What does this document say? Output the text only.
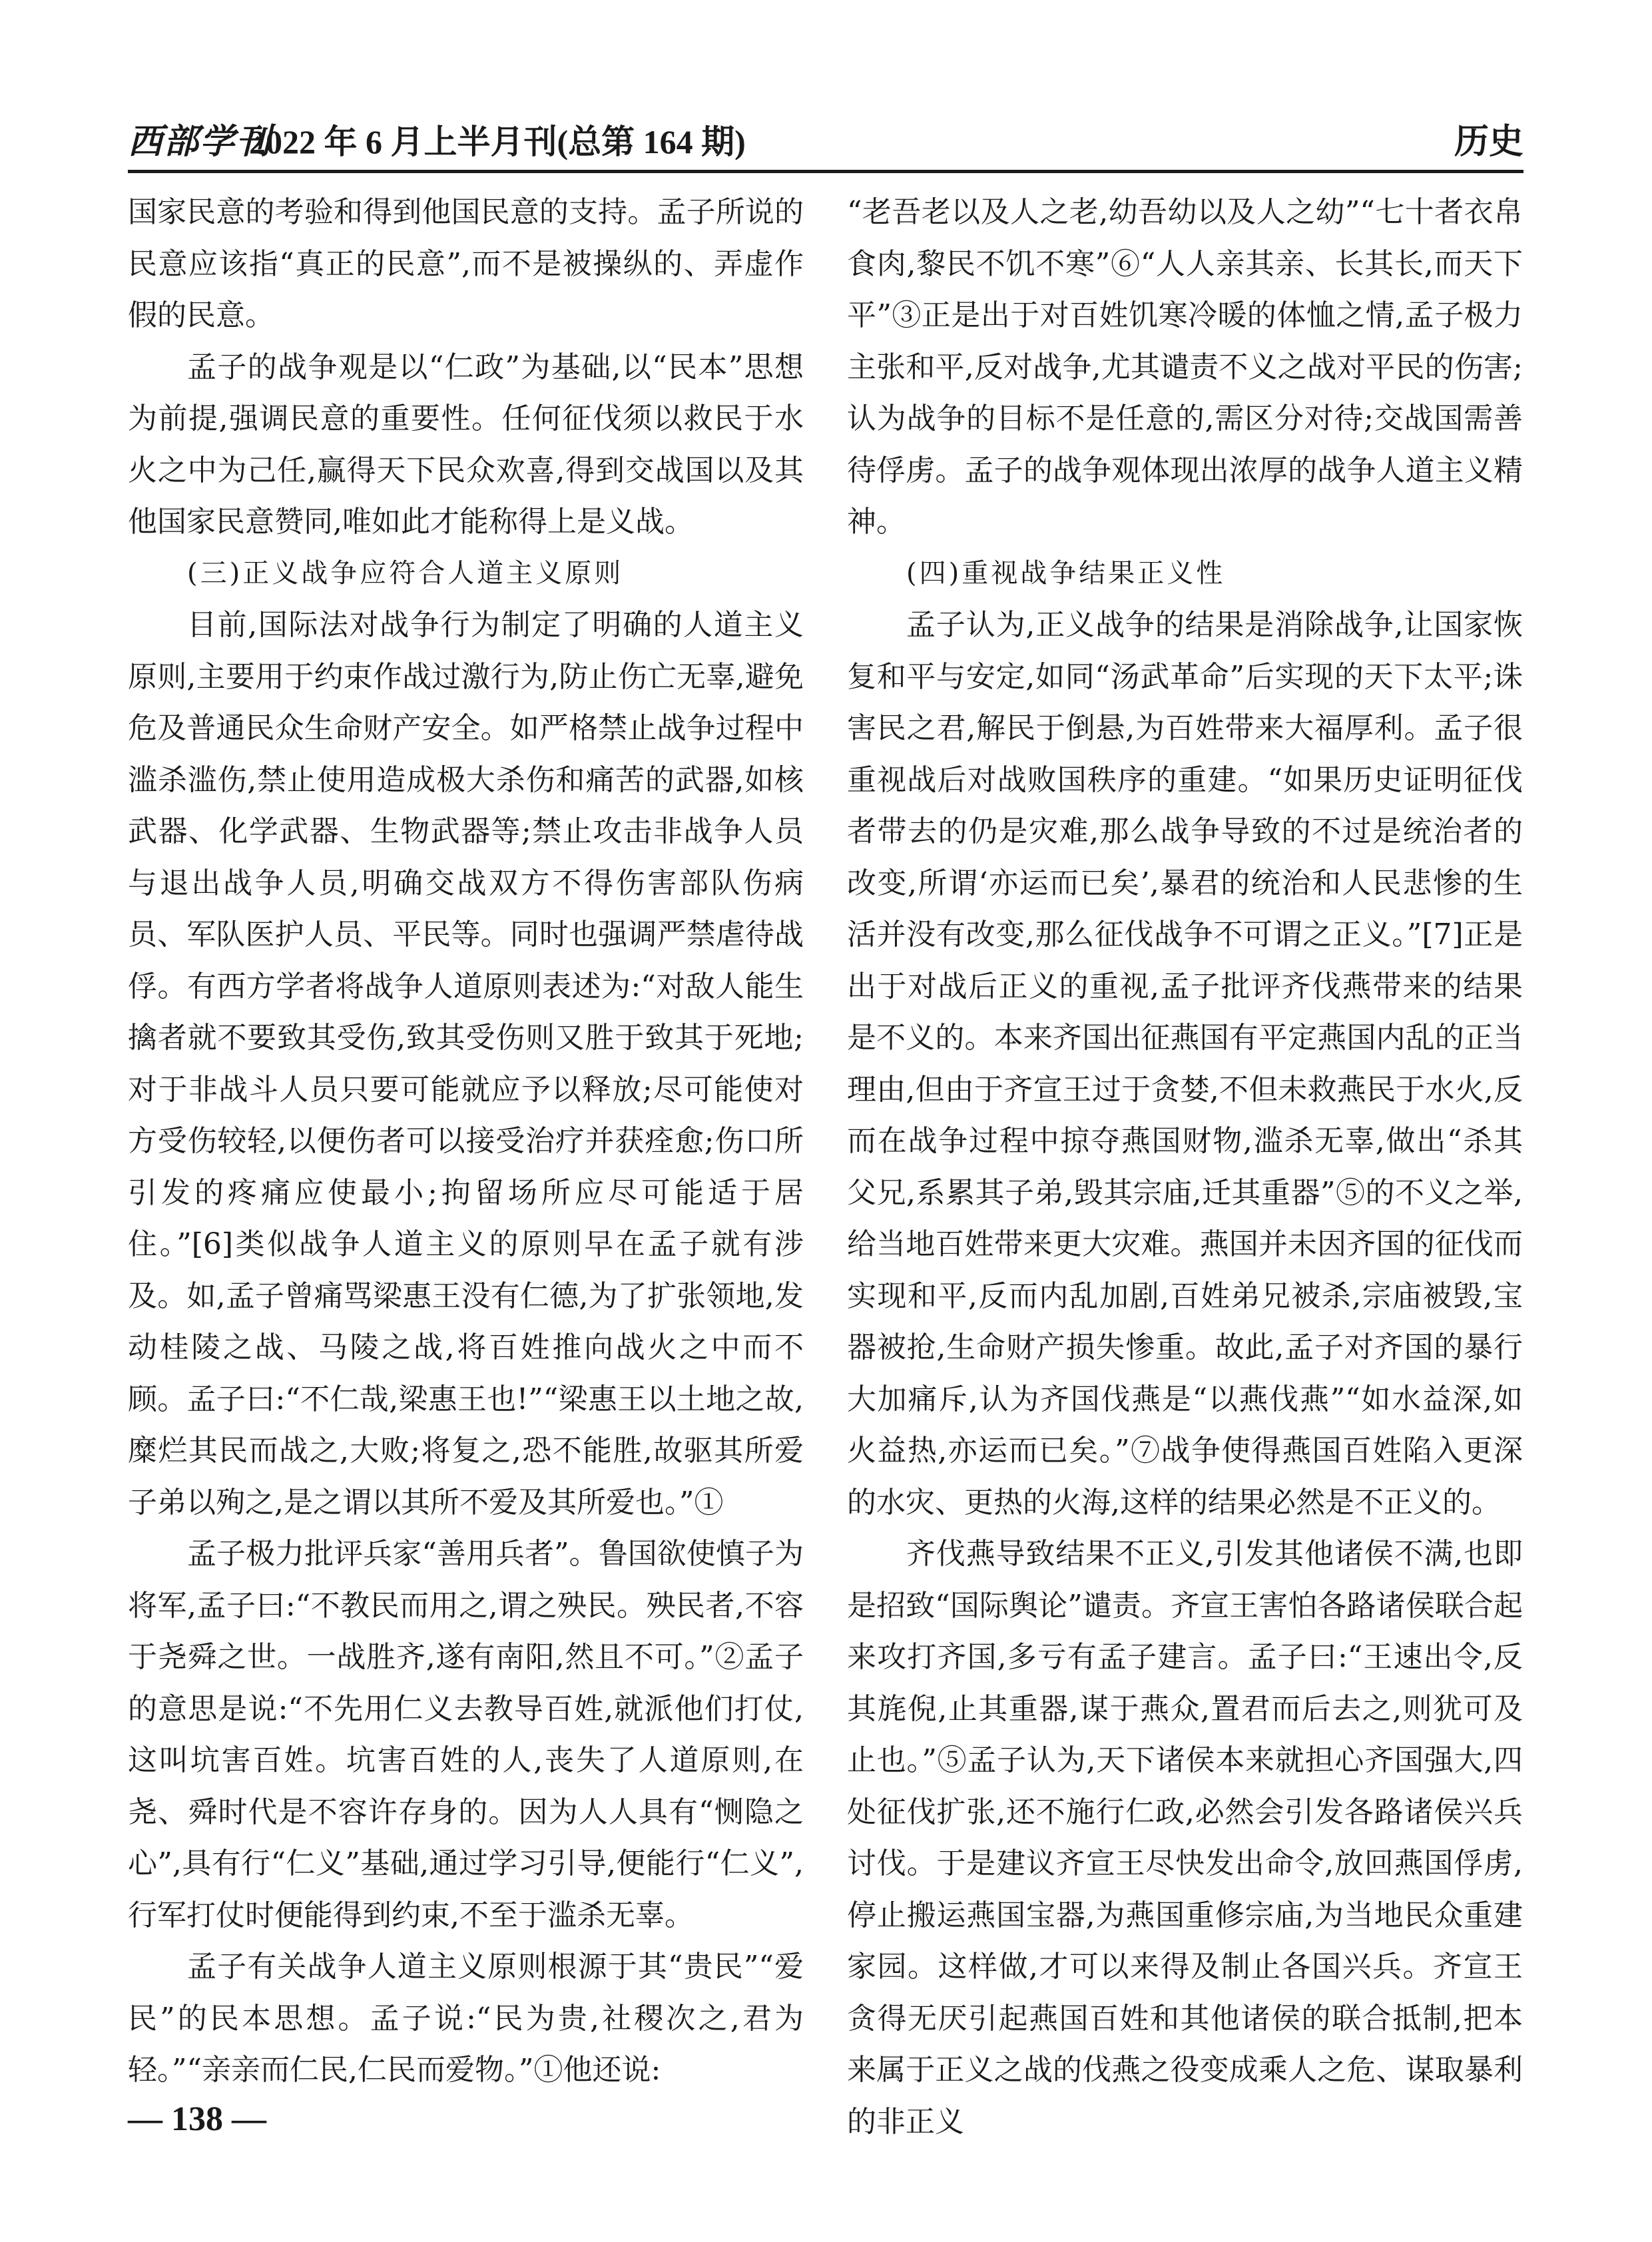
西部学刊
2022 年 6 月上半月刊(总第 164 期)	历史

国家民意的考验和得到他国民意的支持。孟子所说的民意应该指“真正的民意”,而不是被操纵的、弄虚作假的民意。

孟子的战争观是以“仁政”为基础,以“民本”思想为前提,强调民意的重要性。任何征伐须以救民于水火之中为己任,赢得天下民众欢喜,得到交战国以及其他国家民意赞同,唯如此才能称得上是义战。

(三)正义战争应符合人道主义原则

目前,国际法对战争行为制定了明确的人道主义原则,主要用于约束作战过激行为,防止伤亡无辜,避免危及普通民众生命财产安全。如严格禁止战争过程中滥杀滥伤,禁止使用造成极大杀伤和痛苦的武器,如核武器、化学武器、生物武器等;禁止攻击非战争人员与退出战争人员,明确交战双方不得伤害部队伤病员、军队医护人员、平民等。同时也强调严禁虐待战俘。有西方学者将战争人道原则表述为:“对敌人能生擒者就不要致其受伤,致其受伤则又胜于致其于死地;对于非战斗人员只要可能就应予以释放;尽可能使对方受伤较轻,以便伤者可以接受治疗并获痊愈;伤口所引发的疼痛应使最小;拘留场所应尽可能适于居住。”[6]类似战争人道主义的原则早在孟子就有涉及。如,孟子曾痛骂梁惠王没有仁德,为了扩张领地,发动桂陵之战、马陵之战,将百姓推向战火之中而不顾。孟子曰:“不仁哉,梁惠王也!”“梁惠王以土地之故,糜烂其民而战之,大败;将复之,恐不能胜,故驱其所爱子弟以殉之,是之谓以其所不爱及其所爱也。”①

孟子极力批评兵家“善用兵者”。鲁国欲使慎子为将军,孟子曰:“不教民而用之,谓之殃民。殃民者,不容于尧舜之世。一战胜齐,遂有南阳,然且不可。”②孟子的意思是说:“不先用仁义去教导百姓,就派他们打仗,这叫坑害百姓。坑害百姓的人,丧失了人道原则,在尧、舜时代是不容许存身的。因为人人具有“恻隐之心”,具有行“仁义”基础,通过学习引导,便能行“仁义”,行军打仗时便能得到约束,不至于滥杀无辜。

孟子有关战争人道主义原则根源于其“贵民”“爱民”的民本思想。孟子说:“民为贵,社稷次之,君为轻。”“亲亲而仁民,仁民而爱物。”①他还说:

“老吾老以及人之老,幼吾幼以及人之幼”“七十者衣帛食肉,黎民不饥不寒”⑥“人人亲其亲、长其长,而天下平”③正是出于对百姓饥寒冷暖的体恤之情,孟子极力主张和平,反对战争,尤其谴责不义之战对平民的伤害;认为战争的目标不是任意的,需区分对待;交战国需善待俘虏。孟子的战争观体现出浓厚的战争人道主义精神。

(四)重视战争结果正义性

孟子认为,正义战争的结果是消除战争,让国家恢复和平与安定,如同“汤武革命”后实现的天下太平;诛害民之君,解民于倒悬,为百姓带来大福厚利。孟子很重视战后对战败国秩序的重建。“如果历史证明征伐者带去的仍是灾难,那么战争导致的不过是统治者的改变,所谓‘亦运而已矣’,暴君的统治和人民悲惨的生活并没有改变,那么征伐战争不可谓之正义。”[7]正是出于对战后正义的重视,孟子批评齐伐燕带来的结果是不义的。本来齐国出征燕国有平定燕国内乱的正当理由,但由于齐宣王过于贪婪,不但未救燕民于水火,反而在战争过程中掠夺燕国财物,滥杀无辜,做出“杀其父兄,系累其子弟,毁其宗庙,迁其重器”⑤的不义之举,给当地百姓带来更大灾难。燕国并未因齐国的征伐而实现和平,反而内乱加剧,百姓弟兄被杀,宗庙被毁,宝器被抢,生命财产损失惨重。故此,孟子对齐国的暴行大加痛斥,认为齐国伐燕是“以燕伐燕”“如水益深,如火益热,亦运而已矣。”⑦战争使得燕国百姓陷入更深的水灾、更热的火海,这样的结果必然是不正义的。

齐伐燕导致结果不正义,引发其他诸侯不满,也即是招致“国际舆论”谴责。齐宣王害怕各路诸侯联合起来攻打齐国,多亏有孟子建言。孟子曰:“王速出令,反其旄倪,止其重器,谋于燕众,置君而后去之,则犹可及止也。”⑤孟子认为,天下诸侯本来就担心齐国强大,四处征伐扩张,还不施行仁政,必然会引发各路诸侯兴兵讨伐。于是建议齐宣王尽快发出命令,放回燕国俘虏,停止搬运燕国宝器,为燕国重修宗庙,为当地民众重建家园。这样做,才可以来得及制止各国兴兵。齐宣王贪得无厌引起燕国百姓和其他诸侯的联合抵制,把本来属于正义之战的伐燕之役变成乘人之危、谋取暴利的非正义

— 138 —
